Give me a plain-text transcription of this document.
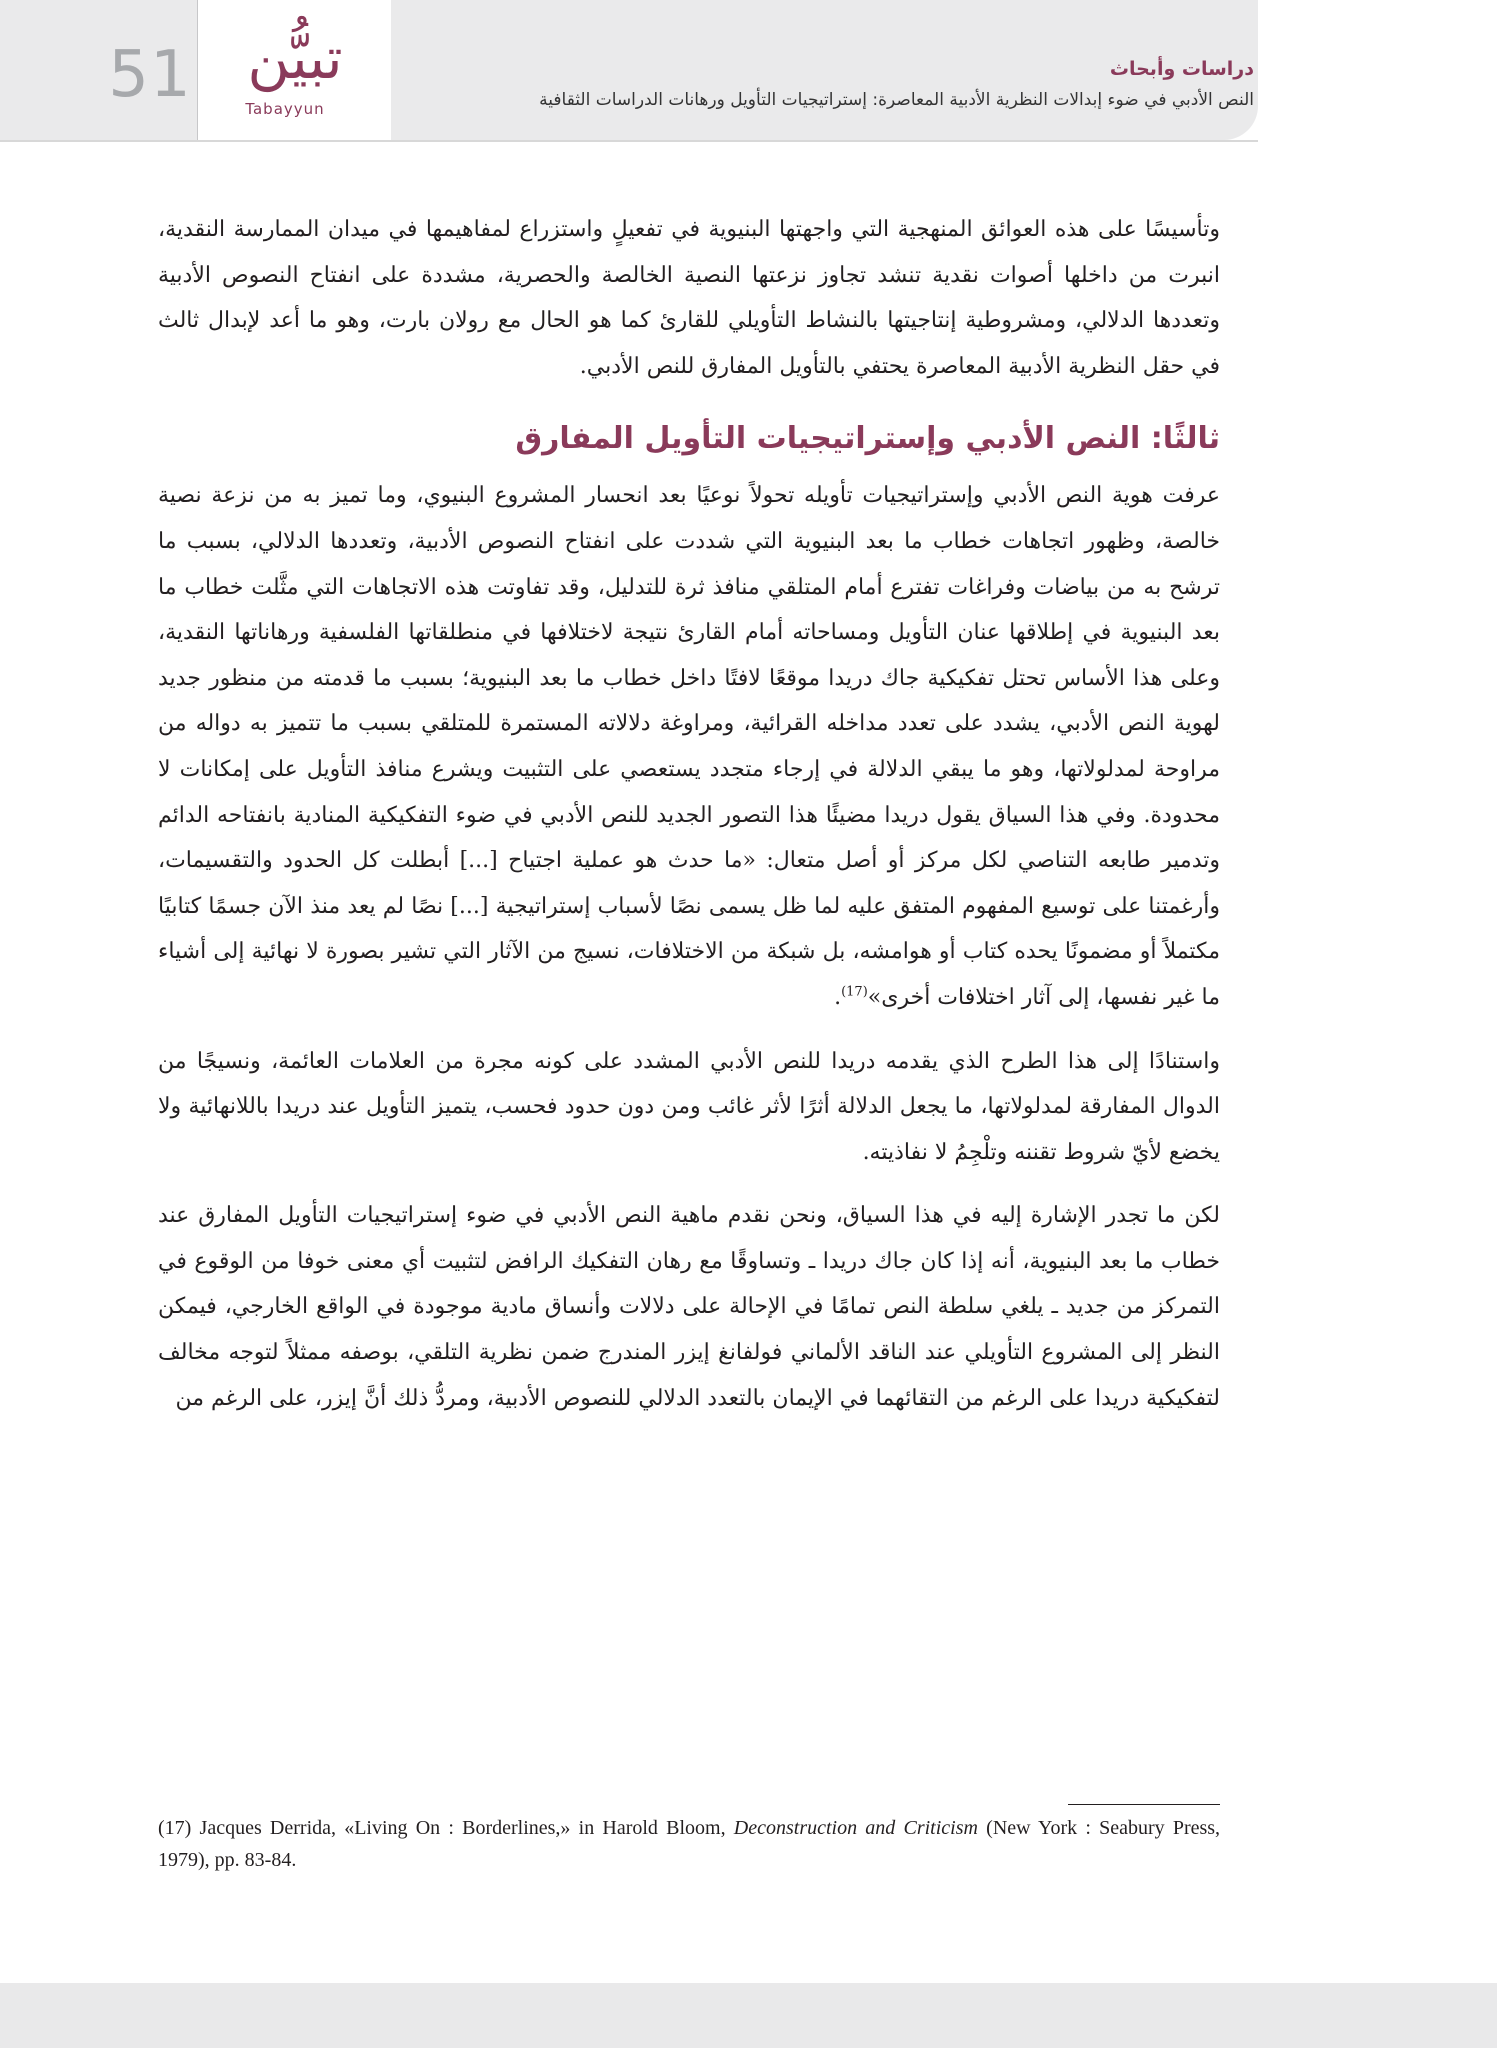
51 تبيُّن
Tabayyun
دراسات وأبحاث
النص الأدبي في ضوء إبدالات النظرية الأدبية المعاصرة: إستراتيجيات التأويل ورهانات الدراسات الثقافية

وتأسيسًا على هذه العوائق المنهجية التي واجهتها البنيوية في تفعيلٍ واستزراع لمفاهيمها في ميدان الممارسة النقدية، انبرت من داخلها أصوات نقدية تنشد تجاوز نزعتها النصية الخالصة والحصرية، مشددة على انفتاح النصوص الأدبية وتعددها الدلالي، ومشروطية إنتاجيتها بالنشاط التأويلي للقارئ كما هو الحال مع رولان بارت، وهو ما أعد لإبدال ثالث في حقل النظرية الأدبية المعاصرة يحتفي بالتأويل المفارق للنص الأدبي.

ثالثًا: النص الأدبي وإستراتيجيات التأويل المفارق

عرفت هوية النص الأدبي وإستراتيجيات تأويله تحولاً نوعيًا بعد انحسار المشروع البنيوي، وما تميز به من نزعة نصية خالصة، وظهور اتجاهات خطاب ما بعد البنيوية التي شددت على انفتاح النصوص الأدبية، وتعددها الدلالي، بسبب ما ترشح به من بياضات وفراغات تفترع أمام المتلقي منافذ ثرة للتدليل، وقد تفاوتت هذه الاتجاهات التي مثَّلت خطاب ما بعد البنيوية في إطلاقها عنان التأويل ومساحاته أمام القارئ نتيجة لاختلافها في منطلقاتها الفلسفية ورهاناتها النقدية، وعلى هذا الأساس تحتل تفكيكية جاك دريدا موقعًا لافتًا داخل خطاب ما بعد البنيوية؛ بسبب ما قدمته من منظور جديد لهوية النص الأدبي، يشدد على تعدد مداخله القرائية، ومراوغة دلالاته المستمرة للمتلقي بسبب ما تتميز به دواله من مراوحة لمدلولاتها، وهو ما يبقي الدلالة في إرجاء متجدد يستعصي على التثبيت ويشرع منافذ التأويل على إمكانات لا محدودة. وفي هذا السياق يقول دريدا مضيئًا هذا التصور الجديد للنص الأدبي في ضوء التفكيكية المنادية بانفتاحه الدائم وتدمير طابعه التناصي لكل مركز أو أصل متعال: «ما حدث هو عملية اجتياح [...] أبطلت كل الحدود والتقسيمات، وأرغمتنا على توسيع المفهوم المتفق عليه لما ظل يسمى نصًا لأسباب إستراتيجية [...] نصًا لم يعد منذ الآن جسمًا كتابيًا مكتملاً أو مضمونًا يحده كتاب أو هوامشه، بل شبكة من الاختلافات، نسيج من الآثار التي تشير بصورة لا نهائية إلى أشياء ما غير نفسها، إلى آثار اختلافات أخرى»$^{(17)}$.

واستنادًا إلى هذا الطرح الذي يقدمه دريدا للنص الأدبي المشدد على كونه مجرة من العلامات العائمة، ونسيجًا من الدوال المفارقة لمدلولاتها، ما يجعل الدلالة أثرًا لأثر غائب ومن دون حدود فحسب، يتميز التأويل عند دريدا باللانهائية ولا يخضع لأيّ شروط تقننه وتلْجِمُ لا نفاذيته.

لكن ما تجدر الإشارة إليه في هذا السياق، ونحن نقدم ماهية النص الأدبي في ضوء إستراتيجيات التأويل المفارق عند خطاب ما بعد البنيوية، أنه إذا كان جاك دريدا ـ وتساوقًا مع رهان التفكيك الرافض لتثبيت أي معنى خوفا من الوقوع في التمركز من جديد ـ يلغي سلطة النص تمامًا في الإحالة على دلالات وأنساق مادية موجودة في الواقع الخارجي، فيمكن النظر إلى المشروع التأويلي عند الناقد الألماني فولفانغ إيزر المندرج ضمن نظرية التلقي، بوصفه ممثلاً لتوجه مخالف لتفكيكية دريدا على الرغم من التقائهما في الإيمان بالتعدد الدلالي للنصوص الأدبية، ومردُّ ذلك أنَّ إيزر، على الرغم من

(17) Jacques Derrida, «Living On : Borderlines,» in Harold Bloom, Deconstruction and Criticism (New York : Seabury Press, 1979), pp. 83-84.
